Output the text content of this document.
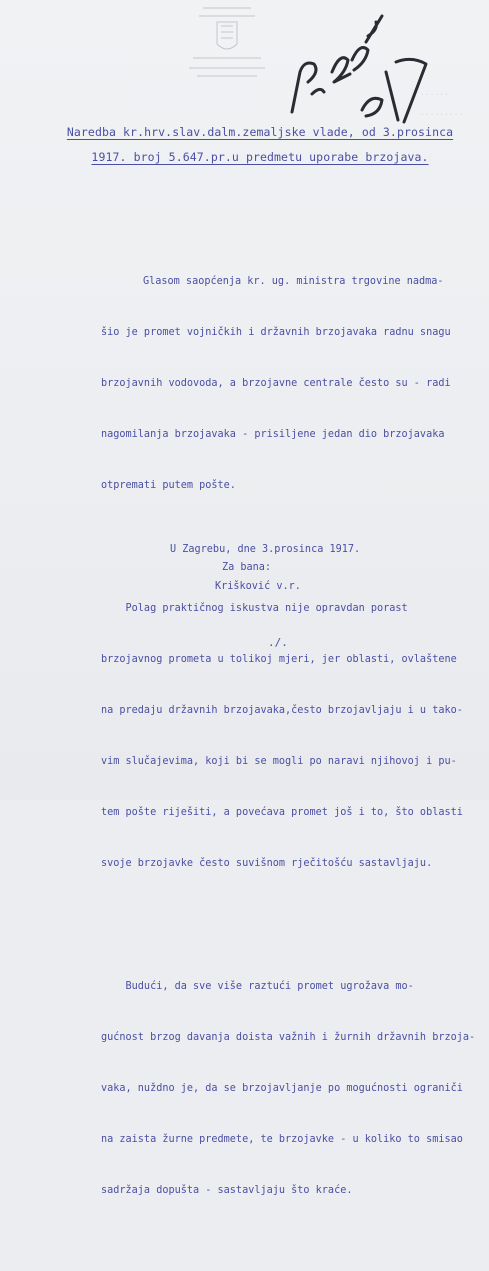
......
.........
Naredba kr.hrv.slav.dalm.zemaljske vlade, od 3.prosinca
1917. broj 5.647.pr.u predmetu uporabe brzojava.

Glasom saopćenja kr. ug. ministra trgovine nadma-

šio je promet vojničkih i državnih brzojavaka radnu snagu

brzojavnih vodovoda, a brzojavne centrale često su - radi

nagomilanja brzojavaka - prisiljene jedan dio brzojavaka

otpremati putem pošte.

Polag praktičnog iskustva nije opravdan porast

brzojavnog prometa u tolikoj mjeri, jer oblasti, ovlaštene

na predaju državnih brzojavaka,često brzojavljaju i u tako-

vim slučajevima, koji bi se mogli po naravi njihovoj i pu-

tem pošte riješiti, a povećava promet još i to, što oblasti

svoje brzojavke često suvišnom rječitošću sastavljaju.

Budući, da sve više raztući promet ugrožava mo-

gućnost brzog davanja doista važnih i žurnih državnih brzoja-

vaka, nuždno je, da se brzojavljanje po mogućnosti ograniči

na zaista žurne predmete, te brzojavke - u koliko to smisao

sadržaja dopušta - sastavljaju što kraće.

U Zagrebu, dne 3.prosinca 1917.
Za bana:
Krišković v.r.
./.
